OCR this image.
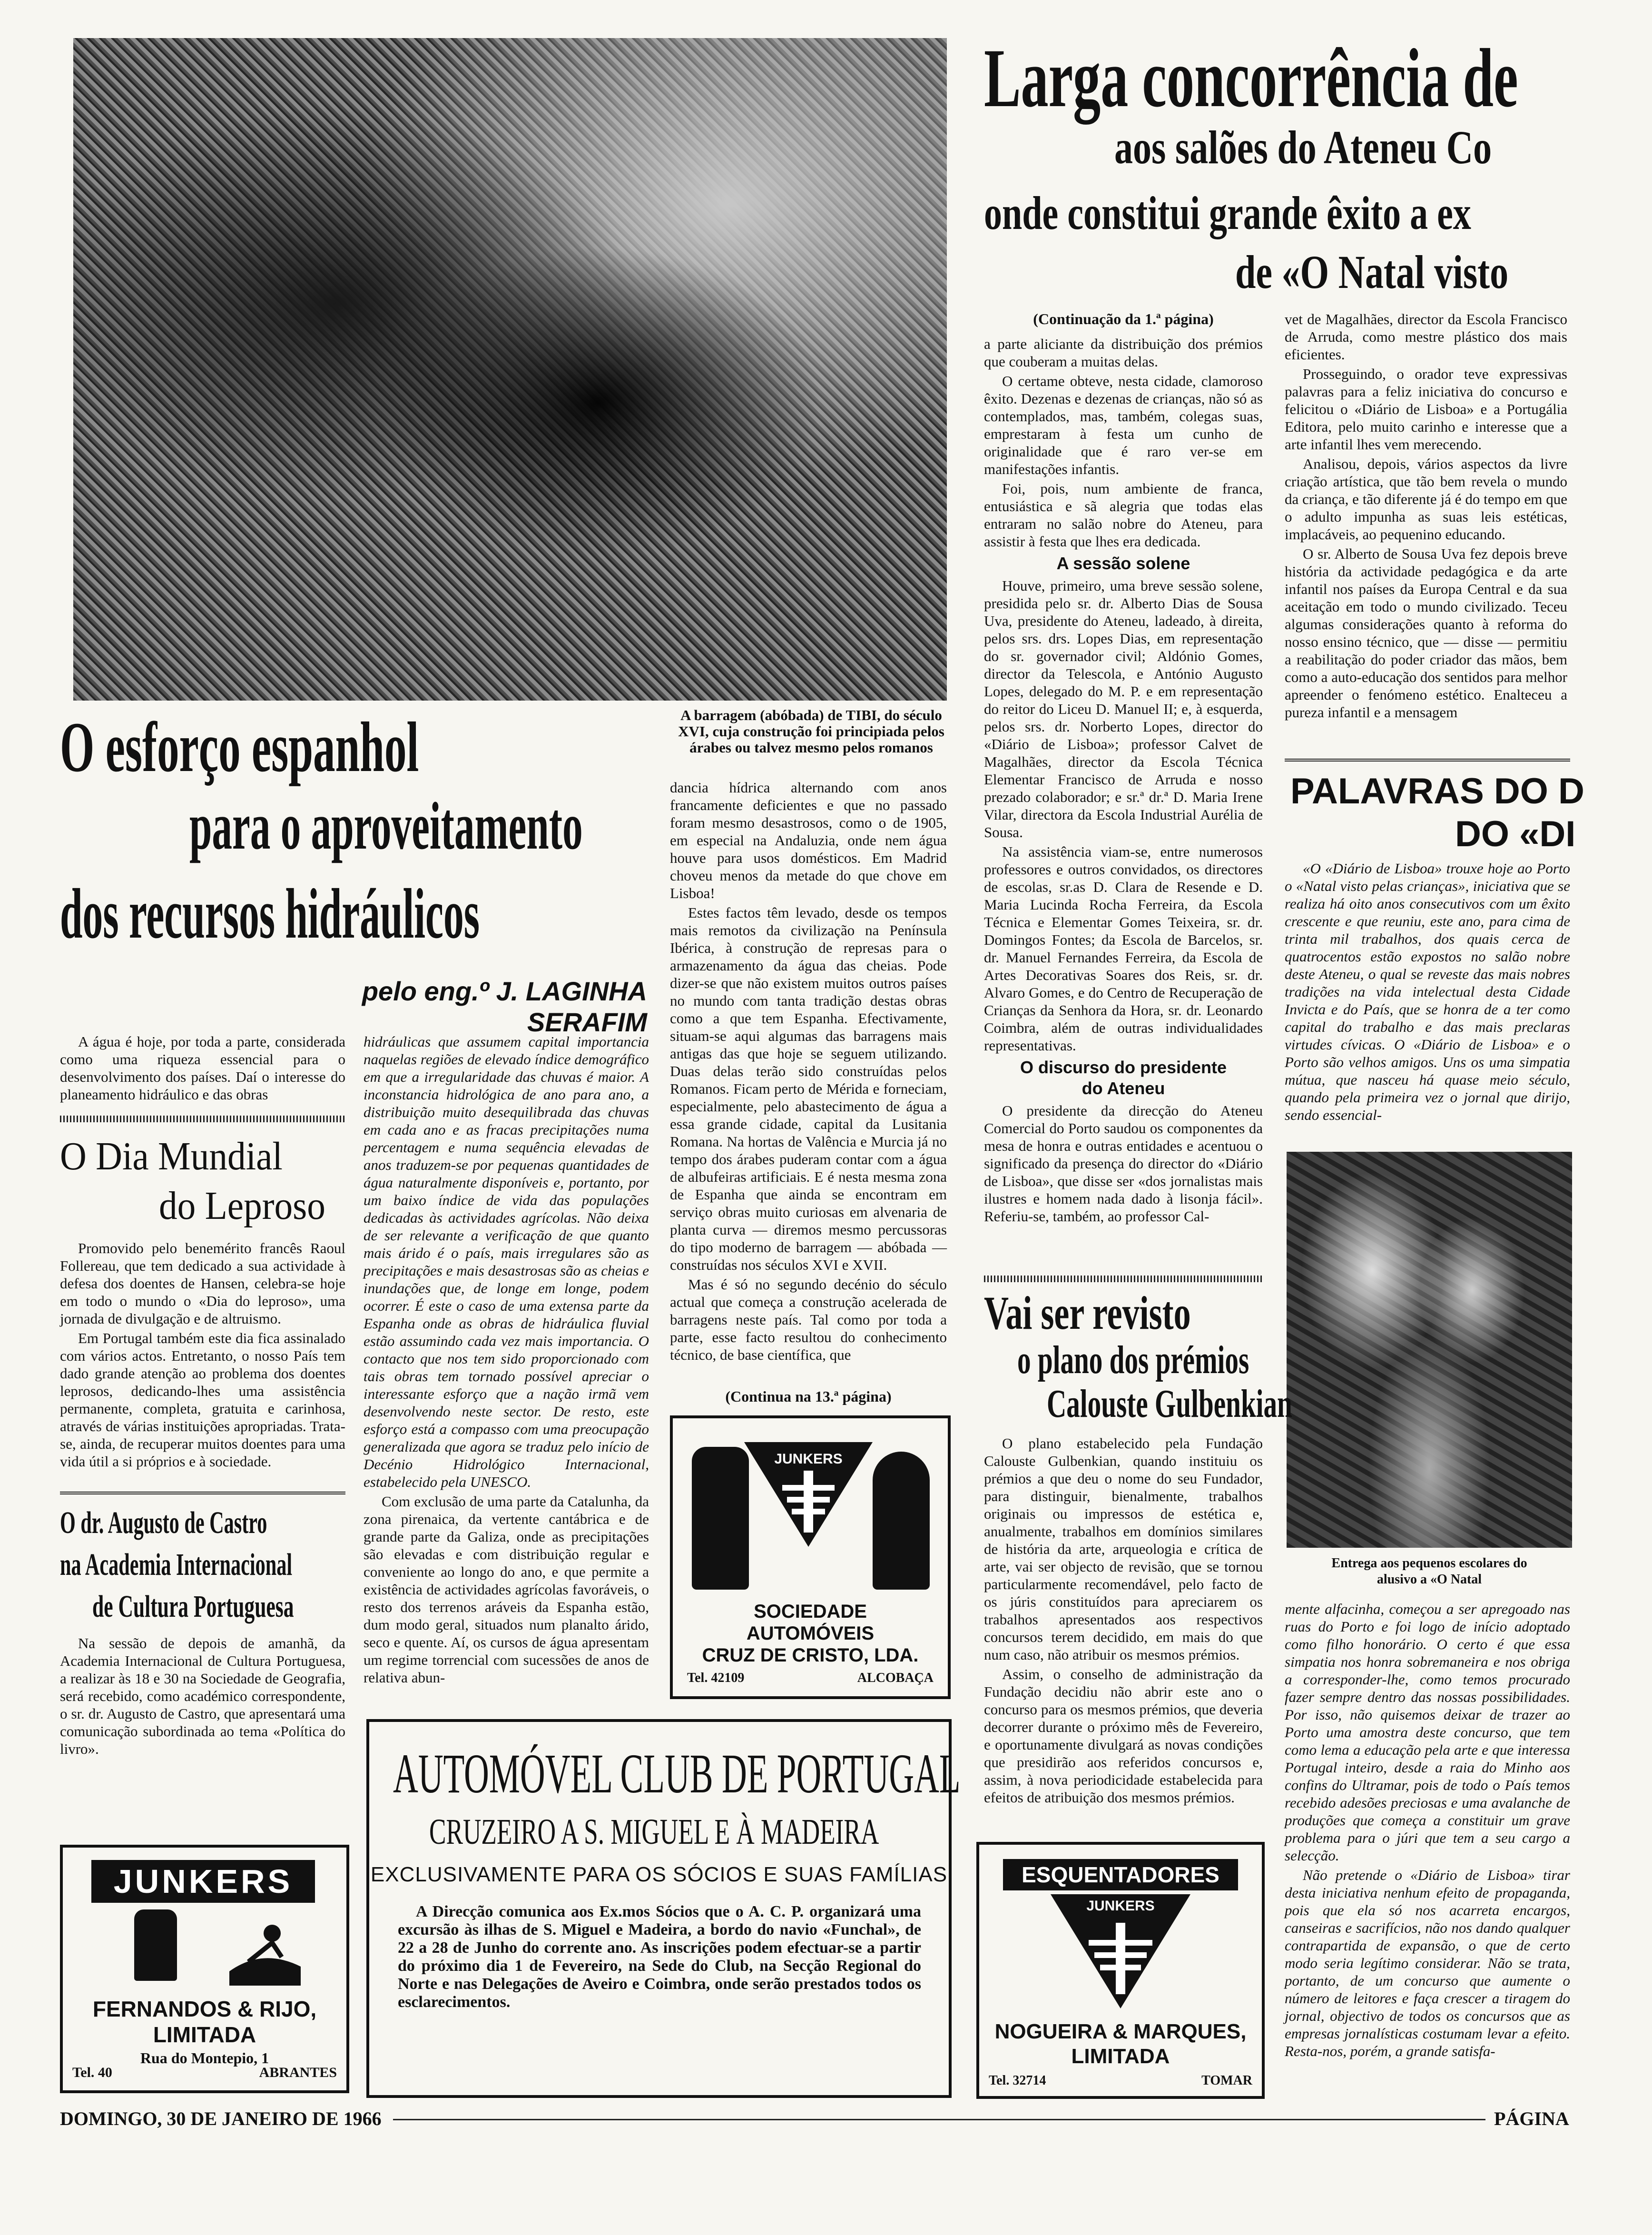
A barragem (abóbada) de TIBI, do século XVI, cuja construção foi principiada pelos árabes ou talvez mesmo pelos romanos
O esforço espanhol
para o aproveitamento
dos recursos hidráulicos
pelo eng.º J. LAGINHA SERAFIM

A água é hoje, por toda a parte, considerada como uma riqueza essencial para o desenvolvimento dos países. Daí o interesse do planeamento hidráulico e das obras

O Dia Mundial
do Leproso

Promovido pelo benemérito francês Raoul Follereau, que tem dedicado a sua actividade à defesa dos doentes de Hansen, celebra-se hoje em todo o mundo o «Dia do leproso», uma jornada de divulgação e de altruismo.

Em Portugal também este dia fica assinalado com vários actos. Entretanto, o nosso País tem dado grande atenção ao problema dos doentes leprosos, dedicando-lhes uma assistência permanente, completa, gratuita e carinhosa, através de várias instituições apropriadas. Trata-se, ainda, de recuperar muitos doentes para uma vida útil a si próprios e à sociedade.

O dr. Augusto de Castro
na Academia Internacional
de Cultura Portuguesa

Na sessão de depois de amanhã, da Academia Internacional de Cultura Portuguesa, a realizar às 18 e 30 na Sociedade de Geografia, será recebido, como académico correspondente, o sr. dr. Augusto de Castro, que apresentará uma comunicação subordinada ao tema «Política do livro».

JUNKERS
FERNANDOS & RIJO,
LIMITADA
Rua do Montepio, 1
Tel. 40	ABRANTES

hidráulicas que assumem capital importancia naquelas regiões de elevado índice demográfico em que a irregularidade das chuvas é maior. A inconstancia hidrológica de ano para ano, a distribuição muito desequilibrada das chuvas em cada ano e as fracas precipitações numa percentagem e numa sequência elevadas de anos traduzem-se por pequenas quantidades de água naturalmente disponíveis e, portanto, por um baixo índice de vida das populações dedicadas às actividades agrícolas. Não deixa de ser relevante a verificação de que quanto mais árido é o país, mais irregulares são as precipitações e mais desastrosas são as cheias e inundações que, de longe em longe, podem ocorrer. É este o caso de uma extensa parte da Espanha onde as obras de hidráulica fluvial estão assumindo cada vez mais importancia. O contacto que nos tem sido proporcionado com tais obras tem tornado possível apreciar o interessante esforço que a nação irmã vem desenvolvendo neste sector. De resto, este esforço está a compasso com uma preocupação generalizada que agora se traduz pelo início de Decénio Hidrológico Internacional, estabelecido pela UNESCO.

Com exclusão de uma parte da Catalunha, da zona pirenaica, da vertente cantábrica e de grande parte da Galiza, onde as precipitações são elevadas e com distribuição regular e conveniente ao longo do ano, e que permite a existência de actividades agrícolas favoráveis, o resto dos terrenos aráveis da Espanha estão, dum modo geral, situados num planalto árido, seco e quente. Aí, os cursos de água apresentam um regime torrencial com sucessões de anos de relativa abun-

dancia hídrica alternando com anos francamente deficientes e que no passado foram mesmo desastrosos, como o de 1905, em especial na Andaluzia, onde nem água houve para usos domésticos. Em Madrid choveu menos da metade do que chove em Lisboa!

Estes factos têm levado, desde os tempos mais remotos da civilização na Península Ibérica, à construção de represas para o armazenamento da água das cheias. Pode dizer-se que não existem muitos outros países no mundo com tanta tradição destas obras como a que tem Espanha. Efectivamente, situam-se aqui algumas das barragens mais antigas das que hoje se seguem utilizando. Duas delas terão sido construídas pelos Romanos. Ficam perto de Mérida e forneciam, especialmente, pelo abastecimento de água a essa grande cidade, capital da Lusitania Romana. Na hortas de Valência e Murcia já no tempo dos árabes puderam contar com a água de albufeiras artificiais. E é nesta mesma zona de Espanha que ainda se encontram em serviço obras muito curiosas em alvenaria de planta curva — diremos mesmo percussoras do tipo moderno de barragem — abóbada — construídas nos séculos XVI e XVII.

Mas é só no segundo decénio do século actual que começa a construção acelerada de barragens neste país. Tal como por toda a parte, esse facto resultou do conhecimento técnico, de base científica, que

(Continua na 13.ª página)
JUNKERS
SOCIEDADE
AUTOMÓVEIS
CRUZ DE CRISTO, LDA.
Tel. 42109	ALCOBAÇA
AUTOMÓVEL CLUB DE PORTUGAL
CRUZEIRO A S. MIGUEL E À MADEIRA
EXCLUSIVAMENTE PARA OS SÓCIOS E SUAS FAMÍLIAS

A Direcção comunica aos Ex.mos Sócios que o A. C. P. organizará uma excursão às ilhas de S. Miguel e Madeira, a bordo do navio «Funchal», de 22 a 28 de Junho do corrente ano. As inscrições podem efectuar-se a partir do próximo dia 1 de Fevereiro, na Sede do Club, na Secção Regional do Norte e nas Delegações de Aveiro e Coimbra, onde serão prestados todos os esclarecimentos.

Larga concorrência de
aos salões do Ateneu Co
onde constitui grande êxito a ex
de «O Natal visto
(Continuação da 1.ª página)

a parte aliciante da distribuição dos prémios que couberam a muitas delas.

O certame obteve, nesta cidade, clamoroso êxito. Dezenas e dezenas de crianças, não só as contemplados, mas, também, colegas suas, emprestaram à festa um cunho de originalidade que é raro ver-se em manifestações infantis.

Foi, pois, num ambiente de franca, entusiástica e sã alegria que todas elas entraram no salão nobre do Ateneu, para assistir à festa que lhes era dedicada.

A sessão solene

Houve, primeiro, uma breve sessão solene, presidida pelo sr. dr. Alberto Dias de Sousa Uva, presidente do Ateneu, ladeado, à direita, pelos srs. drs. Lopes Dias, em representação do sr. governador civil; Aldónio Gomes, director da Telescola, e António Augusto Lopes, delegado do M. P. e em representação do reitor do Liceu D. Manuel II; e, à esquerda, pelos srs. dr. Norberto Lopes, director do «Diário de Lisboa»; professor Calvet de Magalhães, director da Escola Técnica Elementar Francisco de Arruda e nosso prezado colaborador; e sr.ª dr.ª D. Maria Irene Vilar, directora da Escola Industrial Aurélia de Sousa.

Na assistência viam-se, entre numerosos professores e outros convidados, os directores de escolas, sr.as D. Clara de Resende e D. Maria Lucinda Rocha Ferreira, da Escola Técnica e Elementar Gomes Teixeira, sr. dr. Domingos Fontes; da Escola de Barcelos, sr. dr. Manuel Fernandes Ferreira, da Escola de Artes Decorativas Soares dos Reis, sr. dr. Alvaro Gomes, e do Centro de Recuperação de Crianças da Senhora da Hora, sr. dr. Leonardo Coimbra, além de outras individualidades representativas.

O discurso do presidente
do Ateneu

O presidente da direcção do Ateneu Comercial do Porto saudou os componentes da mesa de honra e outras entidades e acentuou o significado da presença do director do «Diário de Lisboa», que disse ser «dos jornalistas mais ilustres e homem nada dado à lisonja fácil». Referiu-se, também, ao professor Cal-

vet de Magalhães, director da Escola Francisco de Arruda, como mestre plástico dos mais eficientes.

Prosseguindo, o orador teve expressivas palavras para a feliz iniciativa do concurso e felicitou o «Diário de Lisboa» e a Portugália Editora, pelo muito carinho e interesse que a arte infantil lhes vem merecendo.

Analisou, depois, vários aspectos da livre criação artística, que tão bem revela o mundo da criança, e tão diferente já é do tempo em que o adulto impunha as suas leis estéticas, implacáveis, ao pequenino educando.

O sr. Alberto de Sousa Uva fez depois breve história da actividade pedagógica e da arte infantil nos países da Europa Central e da sua aceitação em todo o mundo civilizado. Teceu algumas considerações quanto à reforma do nosso ensino técnico, que — disse — permitiu a reabilitação do poder criador das mãos, bem como a auto-educação dos sentidos para melhor apreender o fenómeno estético. Enalteceu a pureza infantil e a mensagem

PALAVRAS DO D
DO «DI

«O «Diário de Lisboa» trouxe hoje ao Porto o «Natal visto pelas crianças», iniciativa que se realiza há oito anos consecutivos com um êxito crescente e que reuniu, este ano, para cima de trinta mil trabalhos, dos quais cerca de quatrocentos estão expostos no salão nobre deste Ateneu, o qual se reveste das mais nobres tradições na vida intelectual desta Cidade Invicta e do País, que se honra de a ter como capital do trabalho e das mais preclaras virtudes cívicas. O «Diário de Lisboa» e o Porto são velhos amigos. Uns os uma simpatia mútua, que nasceu há quase meio século, quando pela primeira vez o jornal que dirijo, sendo essencial-

Entrega aos pequenos escolares do
alusivo a «O Natal

mente alfacinha, começou a ser apregoado nas ruas do Porto e foi logo de início adoptado como filho honorário. O certo é que essa simpatia nos honra sobremaneira e nos obriga a corresponder-lhe, como temos procurado fazer sempre dentro das nossas possibilidades. Por isso, não quisemos deixar de trazer ao Porto uma amostra deste concurso, que tem como lema a educação pela arte e que interessa Portugal inteiro, desde a raia do Minho aos confins do Ultramar, pois de todo o País temos recebido adesões preciosas e uma avalanche de produções que começa a constituir um grave problema para o júri que tem a seu cargo a selecção.

Não pretende o «Diário de Lisboa» tirar desta iniciativa nenhum efeito de propaganda, pois que ela só nos acarreta encargos, canseiras e sacrifícios, não nos dando qualquer contrapartida de expansão, o que de certo modo seria legítimo considerar. Não se trata, portanto, de um concurso que aumente o número de leitores e faça crescer a tiragem do jornal, objectivo de todos os concursos que as empresas jornalísticas costumam levar a efeito. Resta-nos, porém, a grande satisfa-

Vai ser revisto
o plano dos prémios
Calouste Gulbenkian

O plano estabelecido pela Fundação Calouste Gulbenkian, quando instituiu os prémios a que deu o nome do seu Fundador, para distinguir, bienalmente, trabalhos originais ou impressos de estética e, anualmente, trabalhos em domínios similares de história da arte, arqueologia e crítica de arte, vai ser objecto de revisão, que se tornou particularmente recomendável, pelo facto de os júris constituídos para apreciarem os trabalhos apresentados aos respectivos concursos terem decidido, em mais do que num caso, não atribuir os mesmos prémios.

Assim, o conselho de administração da Fundação decidiu não abrir este ano o concurso para os mesmos prémios, que deveria decorrer durante o próximo mês de Fevereiro, e oportunamente divulgará as novas condições que presidirão aos referidos concursos e, assim, à nova periodicidade estabelecida para efeitos de atribuição dos mesmos prémios.

ESQUENTADORES
JUNKERS
NOGUEIRA & MARQUES,
LIMITADA
Tel. 32714	TOMAR
DOMINGO, 30 DE JANEIRO DE 1966	PÁGINA
